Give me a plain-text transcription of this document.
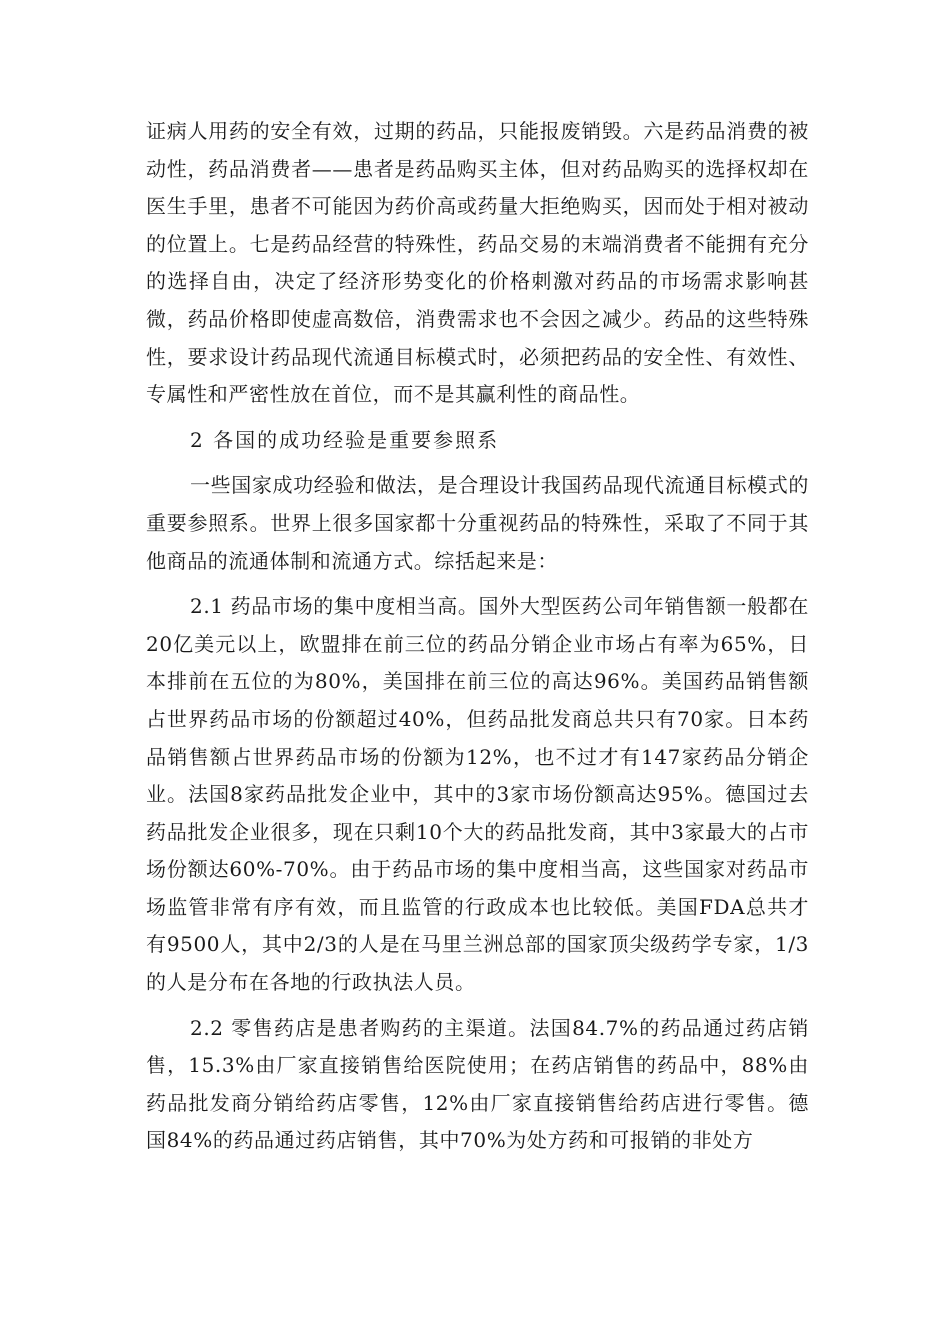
证病人用药的安全有效，过期的药品，只能报废销毁。六是药品消费的被动性，药品消费者——患者是药品购买主体，但对药品购买的选择权却在医生手里，患者不可能因为药价高或药量大拒绝购买，因而处于相对被动的位置上。七是药品经营的特殊性，药品交易的末端消费者不能拥有充分的选择自由，决定了经济形势变化的价格刺激对药品的市场需求影响甚微，药品价格即使虚高数倍，消费需求也不会因之减少。药品的这些特殊性，要求设计药品现代流通目标模式时，必须把药品的安全性、有效性、专属性和严密性放在首位，而不是其赢利性的商品性。

2 各国的成功经验是重要参照系

一些国家成功经验和做法，是合理设计我国药品现代流通目标模式的重要参照系。世界上很多国家都十分重视药品的特殊性，采取了不同于其他商品的流通体制和流通方式。综括起来是：

2.1 药品市场的集中度相当高。国外大型医药公司年销售额一般都在20亿美元以上，欧盟排在前三位的药品分销企业市场占有率为65%，日本排前在五位的为80%，美国排在前三位的高达96%。美国药品销售额占世界药品市场的份额超过40%，但药品批发商总共只有70家。日本药品销售额占世界药品市场的份额为12%，也不过才有147家药品分销企业。法国8家药品批发企业中，其中的3家市场份额高达95%。德国过去药品批发企业很多，现在只剩10个大的药品批发商，其中3家最大的占市场份额达60%-70%。由于药品市场的集中度相当高，这些国家对药品市场监管非常有序有效，而且监管的行政成本也比较低。美国FDA总共才有9500人，其中2/3的人是在马里兰洲总部的国家顶尖级药学专家，1/3的人是分布在各地的行政执法人员。

2.2 零售药店是患者购药的主渠道。法国84.7%的药品通过药店销售，15.3%由厂家直接销售给医院使用；在药店销售的药品中，88%由药品批发商分销给药店零售，12%由厂家直接销售给药店进行零售。德国84%的药品通过药店销售，其中70%为处方药和可报销的非处方
